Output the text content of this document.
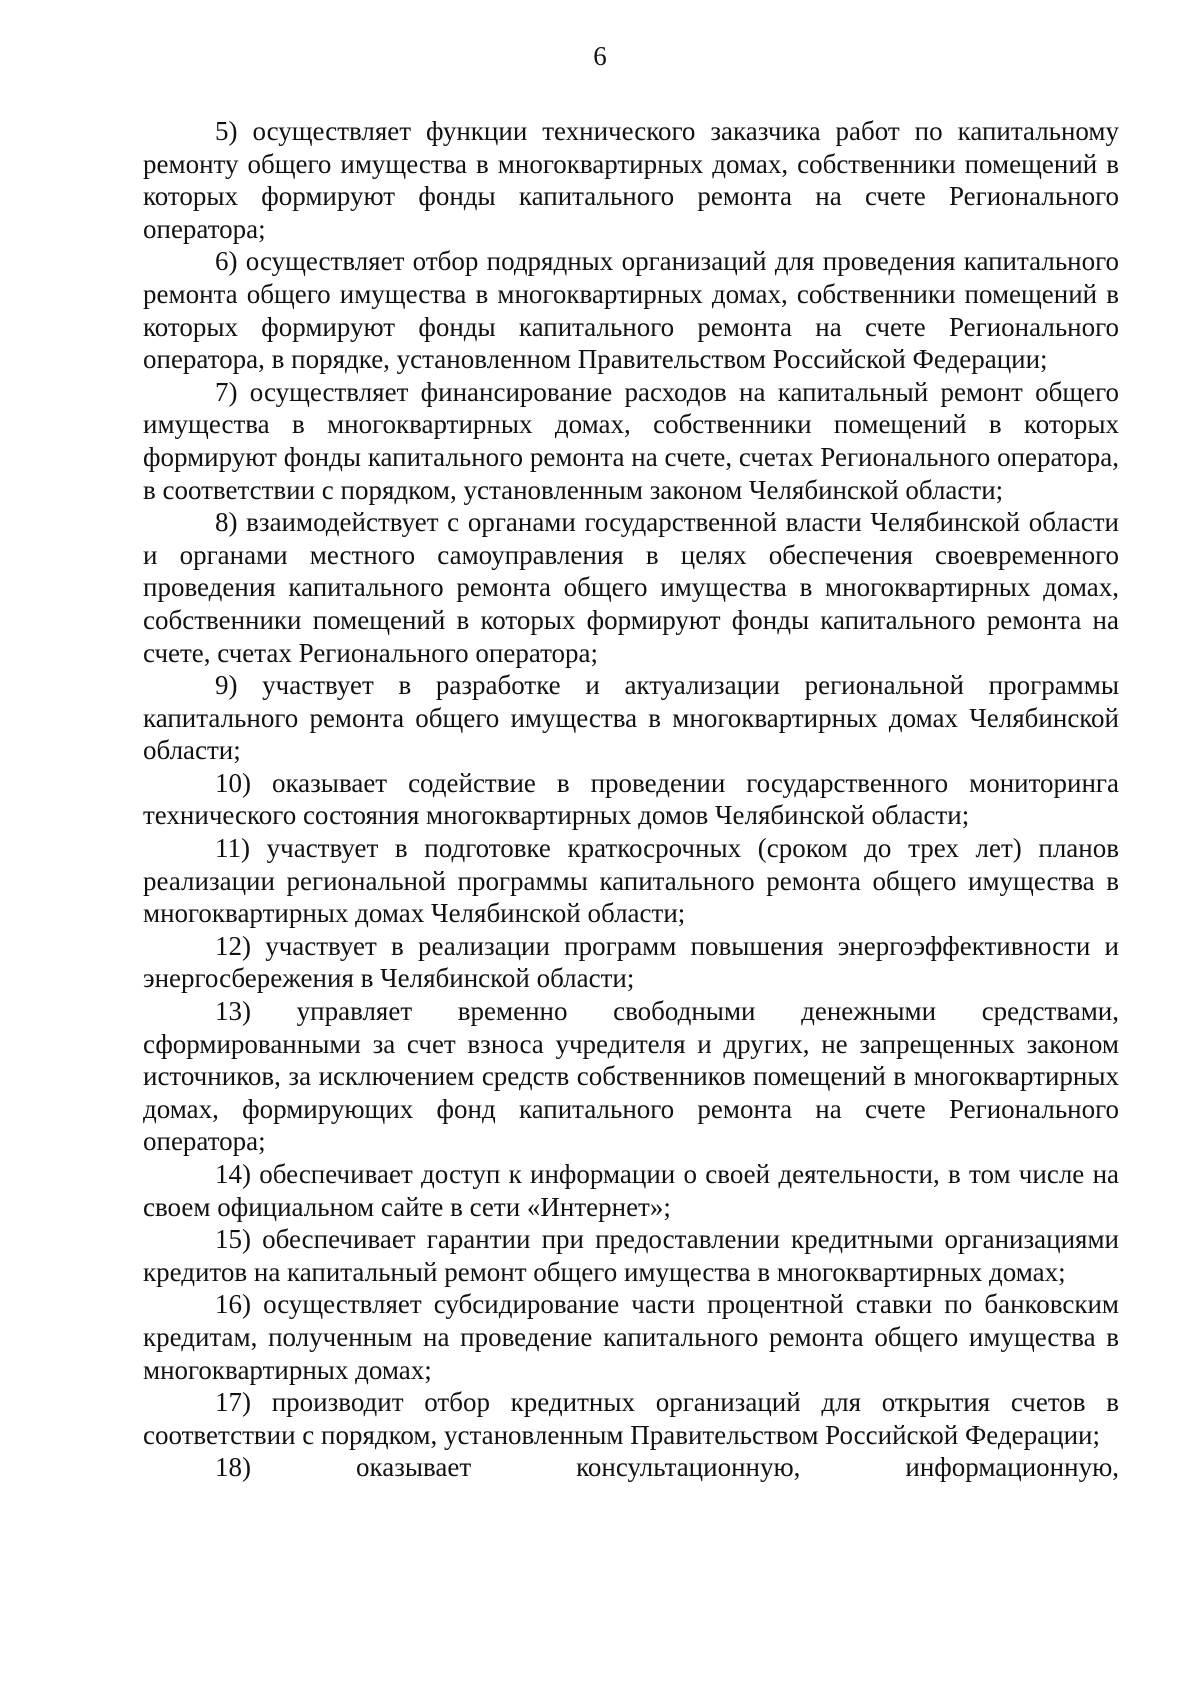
6

5) осуществляет функции технического заказчика работ по капитальному ремонту общего имущества в многоквартирных домах, собственники помещений в которых формируют фонды капитального ремонта на счете Регионального оператора;

6) осуществляет отбор подрядных организаций для проведения капитального ремонта общего имущества в многоквартирных домах, собственники помещений в которых формируют фонды капитального ремонта на счете Регионального оператора, в порядке, установленном Правительством Российской Федерации;

7) осуществляет финансирование расходов на капитальный ремонт общего имущества в многоквартирных домах, собственники помещений в которых формируют фонды капитального ремонта на счете, счетах Регионального оператора, в соответствии с порядком, установленным законом Челябинской области;

8) взаимодействует с органами государственной власти Челябинской области и органами местного самоуправления в целях обеспечения своевременного проведения капитального ремонта общего имущества в многоквартирных домах, собственники помещений в которых формируют фонды капитального ремонта на счете, счетах Регионального оператора;

9) участвует в разработке и актуализации региональной программы капитального ремонта общего имущества в многоквартирных домах Челябинской области;

10) оказывает содействие в проведении государственного мониторинга технического состояния многоквартирных домов Челябинской области;

11) участвует в подготовке краткосрочных (сроком до трех лет) планов реализации региональной программы капитального ремонта общего имущества в многоквартирных домах Челябинской области;

12) участвует в реализации программ повышения энергоэффективности и энергосбережения в Челябинской области;

13) управляет временно свободными денежными средствами, сформированными за счет взноса учредителя и других, не запрещенных законом источников, за исключением средств собственников помещений в многоквартирных домах, формирующих фонд капитального ремонта на счете Регионального оператора;

14) обеспечивает доступ к информации о своей деятельности, в том числе на своем официальном сайте в сети «Интернет»;

15) обеспечивает гарантии при предоставлении кредитными организациями кредитов на капитальный ремонт общего имущества в многоквартирных домах;

16) осуществляет субсидирование части процентной ставки по банковским кредитам, полученным на проведение капитального ремонта общего имущества в многоквартирных домах;

17) производит отбор кредитных организаций для открытия счетов в соответствии с порядком, установленным Правительством Российской Федерации;

18) оказывает консультационную, информационную,
